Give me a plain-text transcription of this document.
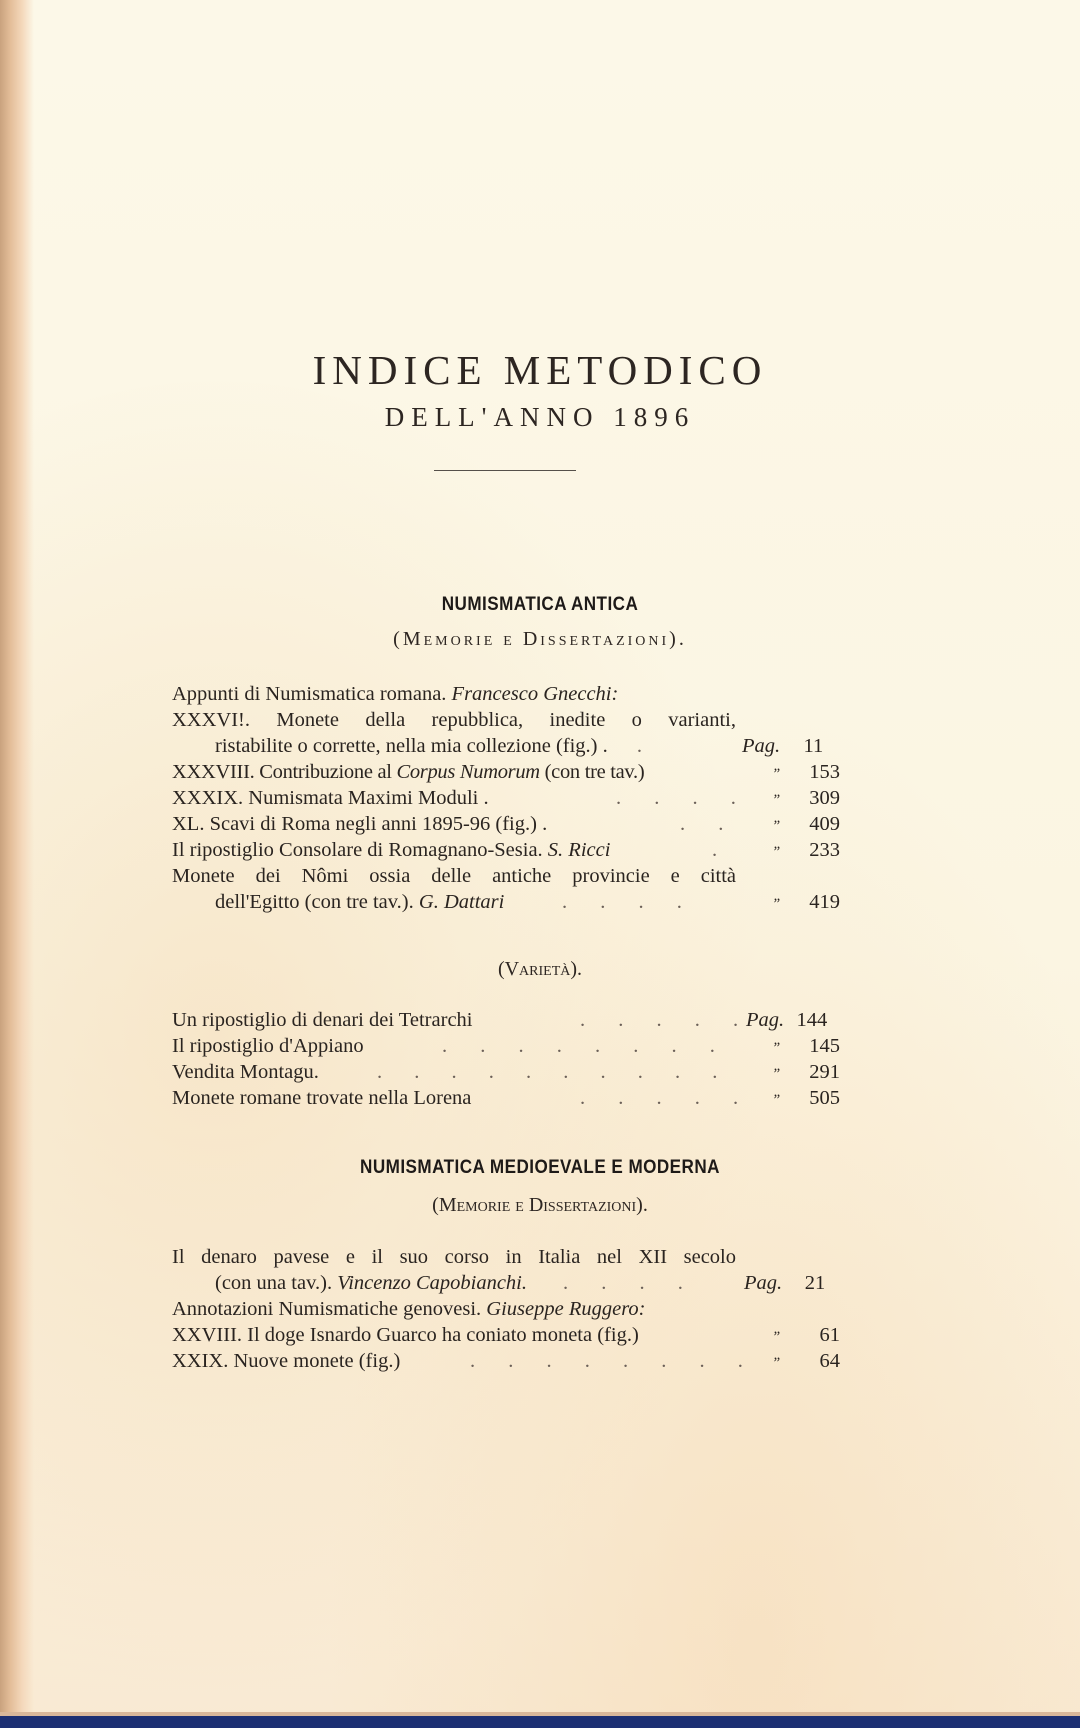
INDICE METODICO
DELL'ANNO 1896
NUMISMATICA ANTICA
(Memorie e Dissertazioni).
Appunti di Numismatica romana. Francesco Gnecchi:
XXXVI!. Monete della repubblica, inedite o varianti,
ristabilite o corrette, nella mia collezione (fig.) . .	Pag. 11
XXXVIII. Contribuzione al Corpus Numorum (con tre tav.)	” 153
XXXIX. Numismata Maximi Moduli .	. . . .	” 309
XL. Scavi di Roma negli anni 1895-96 (fig.) .	. .	” 409
Il ripostiglio Consolare di Romagnano-Sesia. S. Ricci	.	” 233
Monete dei Nômi ossia delle antiche provincie e città
dell'Egitto (con tre tav.). G. Dattari	. . . .	” 419
(Varietà).
Un ripostiglio di denari dei Tetrarchi	. . . . . Pag. 144
Il ripostiglio d'Appiano	. . . . . . . .	” 145
Vendita Montagu.	. . . . . . . . . .	” 291
Monete romane trovate nella Lorena	. . . . .	” 505
NUMISMATICA MEDIOEVALE E MODERNA
(Memorie e Dissertazioni).
Il denaro pavese e il suo corso in Italia nel XII secolo
(con una tav.). Vincenzo Capobianchi. . . . .	Pag. 21
Annotazioni Numismatiche genovesi. Giuseppe Ruggero:
XXVIII. Il doge Isnardo Guarco ha coniato moneta (fig.)	” 61
XXIX. Nuove monete (fig.)	. . . . . . . .	” 64
